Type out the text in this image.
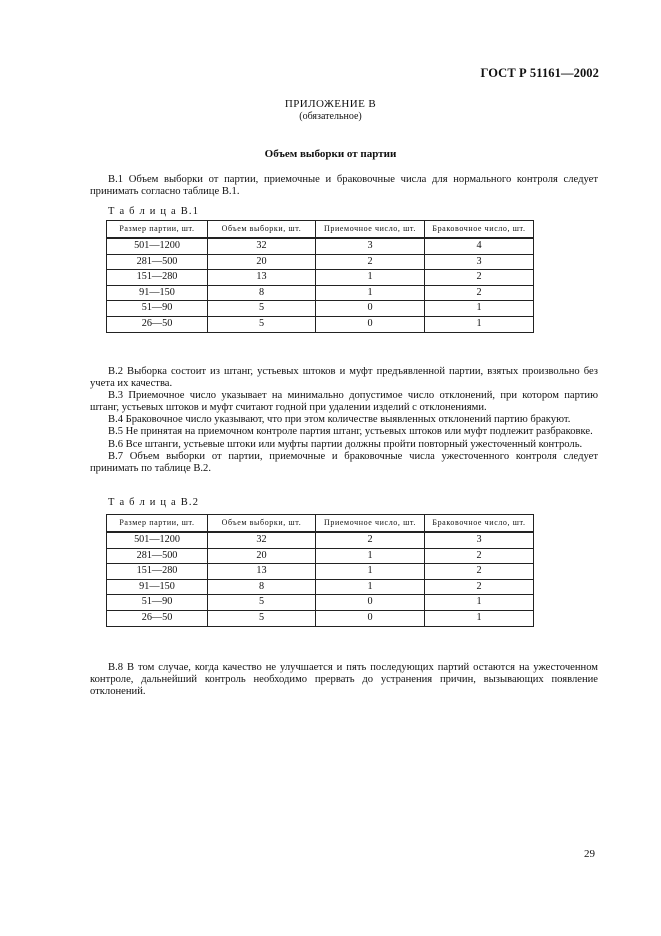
ГОСТ Р 51161—2002
ПРИЛОЖЕНИЕ В
(обязательное)
Объем выборки от партии

В.1 Объем выборки от партии, приемочные и браковочные числа для нормального контроля следует принимать согласно таблице В.1.

Т а б л и ц а В.1
Размер партии, шт.	Объем выборки, шт.	Приемочное число, шт.	Браковочное число, шт.
501—1200	32	3	4
281—500	20	2	3
151—280	13	1	2
91—150	8	1	2
51—90	5	0	1
26—50	5	0	1

В.2 Выборка состоит из штанг, устьевых штоков и муфт предъявленной партии, взятых произвольно без учета их качества.

В.3 Приемочное число указывает на минимально допустимое число отклонений, при котором партию штанг, устьевых штоков и муфт считают годной при удалении изделий с отклонениями.

В.4 Браковочное число указывают, что при этом количестве выявленных отклонений партию бракуют.

В.5 Не принятая на приемочном контроле партия штанг, устьевых штоков или муфт подлежит разбраковке.

В.6 Все штанги, устьевые штоки или муфты партии должны пройти повторный ужесточенный контроль.

В.7 Объем выборки от партии, приемочные и браковочные числа ужесточенного контроля следует принимать по таблице В.2.

Т а б л и ц а В.2
Размер партии, шт.	Объем выборки, шт.	Приемочное число, шт.	Браковочное число, шт.
501—1200	32	2	3
281—500	20	1	2
151—280	13	1	2
91—150	8	1	2
51—90	5	0	1
26—50	5	0	1

В.8 В том случае, когда качество не улучшается и пять последующих партий остаются на ужесточенном контроле, дальнейший контроль необходимо прервать до устранения причин, вызывающих появление отклонений.

29
